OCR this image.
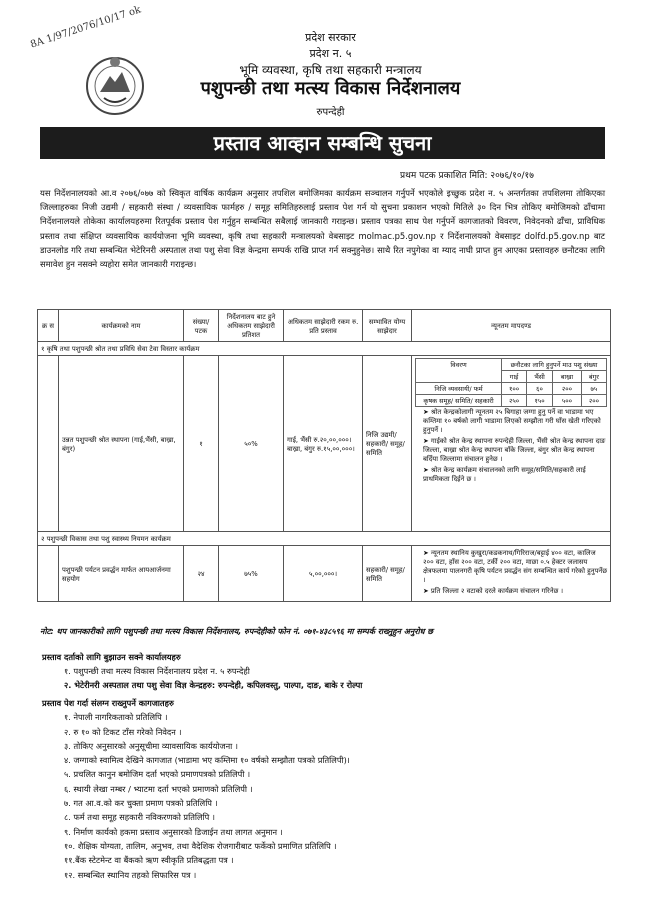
8A 1/97/2076/10/17 ok	प्रदेश सरकार
प्रदेश न. ५
भूमि व्यवस्था, कृषि तथा सहकारी मन्त्रालय
पशुपन्छी तथा मत्स्य विकास निर्देशनालय
रुपन्देही
प्रस्ताव आव्हान सम्बन्धि सुचना
प्रथम पटक प्रकाशित मिति: २०७६/१०/१७
यस निर्देशनालयको आ.व २०७६/०७७ को स्विकृत वार्षिक कार्यक्रम अनुसार तपशिल बमोजिमका कार्यक्रम सञ्चालन गर्नुपर्ने भएकोले इच्छुक प्रदेश न. ५ अन्तर्गतका तपशिलमा तोकिएका जिल्लाहरुका निजी उद्यमी / सहकारी संस्था / व्यवसायिक फार्महरु / समूह समितिहरुलाई प्रस्ताव पेश गर्न यो सुचना प्रकाशन भएको मितिले ३० दिन भित्र तोकिए बमोजिमको ढाँचामा निर्देशनालयले तोकेका कार्यालयहरुमा रितपूर्वक प्रस्ताव पेश गर्नुहुन सम्बन्धित सबैलाई जानकारी गराइन्छ। प्रस्ताव पत्रका साथ पेश गर्नुपर्ने कागजातको विवरण, निवेदनको ढाँचा, प्राविधिक प्रस्ताव तथा संक्षिप्त व्यवसायिक कार्ययोजना भूमि व्यवस्था, कृषि तथा सहकारी मन्त्रालयको वेबसाइट molmac.p5.gov.np र निर्देशनालयको वेबसाइट dolfd.p5.gov.np बाट डाउनलोड गरि तथा सम्बन्धित भेटेरिनरी अस्पताल तथा पशु सेवा विज्ञ केन्द्रमा सम्पर्क राखि प्राप्त गर्न सक्नुहुनेछ। साथै रित नपुगेका वा म्याद नाघी प्राप्त हुन आएका प्रस्तावहरु छनौटका लागि समावेश हुन नसक्ने व्यहोरा समेत जानकारी गराइन्छ।
क्र स	कार्यक्रमको नाम	संख्या/ पटक	निर्देशनालय बाट हुने अधिकतम साझेदारी प्रतिशत	अधिकतम साझेदारी रकम रु. प्रति प्रस्ताव	सम्भावित योग्य साझेदार	न्यूनतम मापदण्ड
१ कृषि तथा पशुपन्छी श्रोत तथा प्रविधि सेवा टेवा विस्तार कार्यक्रम
	उन्नत पशुपन्छी श्रोत स्थापना (गाई,भैंसी, बाख्रा, बंगुर)	१	५०%	गाई, भैंसी रु.२०,००,०००। बाख्रा, बंगुर रु.१५,००,०००।	निजि उद्यमी/ सहकारी/ समूह/ समिति	
विवरण	छनौटका लागि हुनुपर्ने माउ पशु संख्या
गाई	भैंसी	बाख्रा	बंगुर
निजि व्यवसायी/ फर्म	१००	६०	२००	७५
कृषक समूह/ समिति/ सहकारी	२५०	१५०	५००	२००
➤ श्रोत केन्द्रकोलागी न्यूनतम २५ बिगाहा जग्गा हुनु पर्ने वा भाडामा भए कम्तिमा १० बर्षको लागी भाडामा लिएको सम्झौता गरी घाँस खेती गरिएको हुनुपर्ने ।
➤ गाईको श्रोत केन्द्र स्थापना रुपन्देही जिल्ला, भैंसी श्रोत केन्द्र स्थापना दाङ जिल्ला, बाख्रा श्रोत केन्द्र स्थापना बाँके जिल्ला, बंगुर श्रोत केन्द्र स्थापना बर्दिया जिल्लामा संचालन हुनेछ ।
➤ श्रोत केन्द्र कार्यक्रम संचालनको लागि समूह/समिति/सहकारी लाई प्राथमिकता दिईने छ ।

२ पशुपन्छी विकास तथा पशु स्वास्थ्य नियमन कार्यक्रम
	पशुपन्छी पर्यटन प्रवर्द्धन मार्फत आयआर्जनमा सहयोग	२४	७५%	५,००,०००।	सहकारी/ समूह/ समिति	
➤ न्यूनतम स्थानिय कुखुरा/कडकनाथ/गिरिराज/बट्टाई ४०० वटा, कालिज २०० वटा, हाँस २०० वटा, टर्की २०० वटा, माछा ०.५ हेक्टर जलासय क्षेत्रफलमा पालनगरी कृषि पर्यटन प्रवर्द्धन संग सम्बन्धित कार्य गरेको हुनुपर्नेछ ।
➤ प्रति जिल्ला २ वटाको दरले कार्यक्रम संचालन गरिनेछ ।
नोट: थप जानकारीको लागि पशुपन्छी तथा मत्स्य विकास निर्देशनालय, रुपन्देहीको फोन नं. ०७१-४३८५९६ मा सम्पर्क राख्नुहुन अनुरोध छ
प्रस्ताव दर्ताको लागि बुझाउन सक्ने कार्यालयहरु
१. पशुपन्छी तथा मत्स्य विकास निर्देशनालय प्रदेश न. ५ रुपन्देही
२. भेटेरीनरी अस्पताल तथा पशु सेवा विज्ञ केन्द्रहरु: रुपन्देही, कपिलवस्तु, पाल्पा, दाङ, बाके र रोल्पा
प्रस्ताव पेश गर्दा संलग्न राख्नुपर्ने कागजातहरु
१. नेपाली नागरिकताको प्रतिलिपि ।
२. रु १० को टिकट टाँस गरेको निवेदन ।
३. तोकिए अनुसारको अनुसूचीमा व्यावसायिक कार्ययोजना ।
४. जग्गाको स्वामित्व देखिने कागजात (भाडामा भए कम्तिमा १० वर्षको सम्झौता पत्रको प्रतिलिपी)।
५. प्रचलित कानुन बमोजिम दर्ता भएको प्रमाणपत्रको प्रतिलिपी ।
६. स्थायी लेखा नम्बर / भ्याटमा दर्ता भएको प्रमाणको प्रतिलिपी ।
७. गत आ.व.को कर चुक्ता प्रमाण पत्रको प्रतिलिपि ।
८. फर्म तथा समूह सहकारी नविकरणको प्रतिलिपि ।
९. निर्माण कार्यको हकमा प्रस्ताव अनुसारको डिजाईन तथा लागत अनुमान ।
१०. शैक्षिक योग्यता, तालिम, अनुभव, तथा वैदेशिक रोजगारीबाट फर्केको प्रमाणित प्रतिलिपि ।
११.बैंक स्टेटमेन्ट वा बैंकको ऋण स्वीकृति प्रतिबद्धता पत्र ।
१२. सम्बन्धित स्थानिय तहको सिफारिस पत्र ।
